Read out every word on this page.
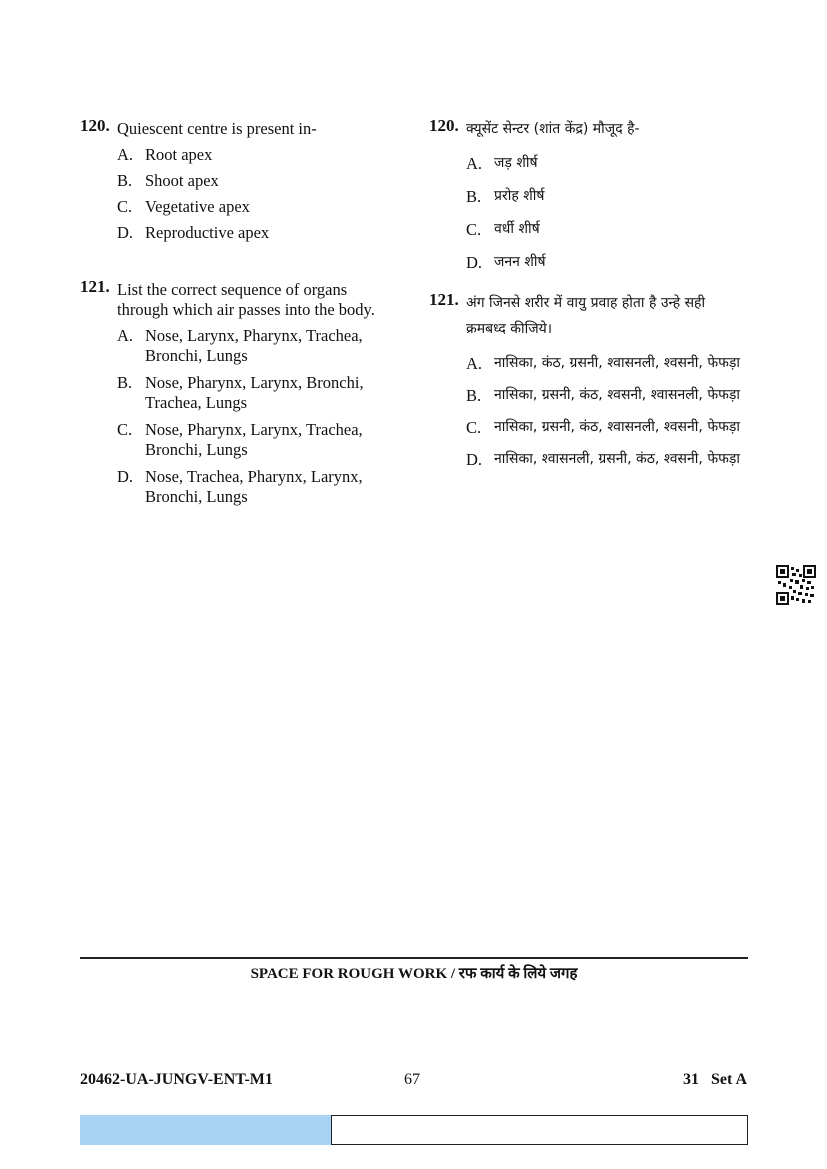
120. Quiescent centre is present in-
A. Root apex
B. Shoot apex
C. Vegetative apex
D. Reproductive apex
121. List the correct sequence of organs through which air passes into the body.
A. Nose, Larynx, Pharynx, Trachea, Bronchi, Lungs
B. Nose, Pharynx, Larynx, Bronchi, Trachea, Lungs
C. Nose, Pharynx, Larynx, Trachea, Bronchi, Lungs
D. Nose, Trachea, Pharynx, Larynx, Bronchi, Lungs
120. क्यूसेंट सेन्टर (शांत केंद्र) मौजूद है-
A. जड़ शीर्ष
B. प्ररोह शीर्ष
C. वर्धी शीर्ष
D. जनन शीर्ष
121. अंग जिनसे शरीर में वायु प्रवाह होता है उन्हे सही क्रमबध्द कीजिये।
A. नासिका, कंठ, ग्रसनी, श्वासनली, श्वसनी, फेफड़ा
B. नासिका, ग्रसनी, कंठ, श्वसनी, श्वासनली, फेफड़ा
C. नासिका, ग्रसनी, कंठ, श्वासनली, श्वसनी, फेफड़ा
D. नासिका, श्वासनली, ग्रसनी, कंठ, श्वसनी, फेफड़ा
SPACE FOR ROUGH WORK / रफ कार्य के लिये जगह
20462-UA-JUNGV-ENT-M1	67	31 Set A
